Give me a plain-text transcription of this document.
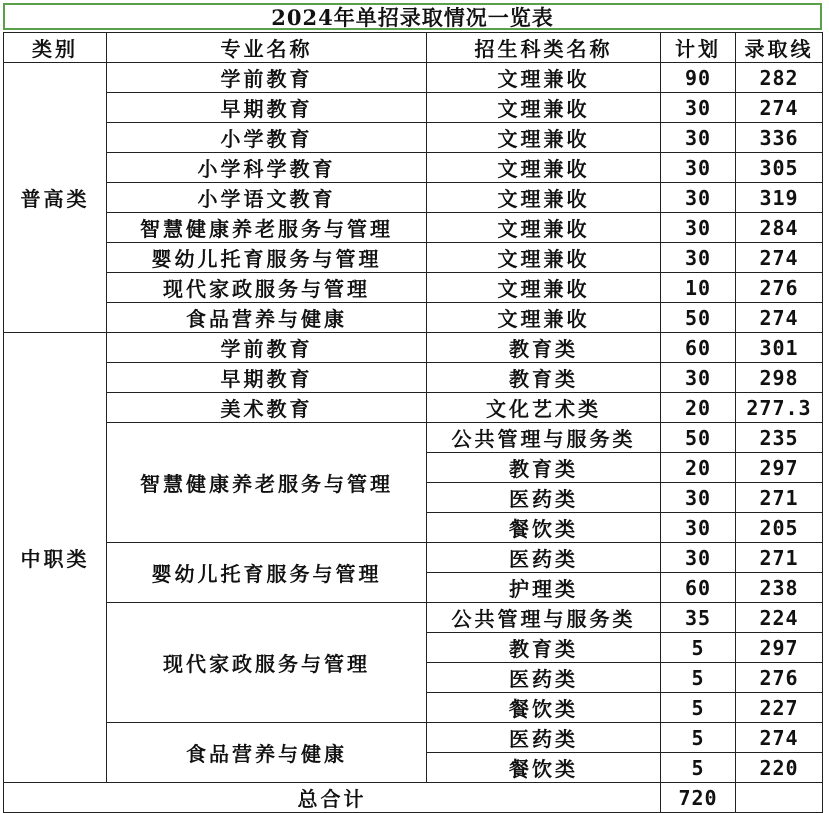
2024年单招录取情况一览表
类别	专业名称	招生科类名称	计划	录取线
普高类	学前教育	文理兼收	90	282
	早期教育	文理兼收	30	274
	小学教育	文理兼收	30	336
	小学科学教育	文理兼收	30	305
	小学语文教育	文理兼收	30	319
	智慧健康养老服务与管理	文理兼收	30	284
	婴幼儿托育服务与管理	文理兼收	30	274
	现代家政服务与管理	文理兼收	10	276
	食品营养与健康	文理兼收	50	274
中职类	学前教育	教育类	60	301
	早期教育	教育类	30	298
	美术教育	文化艺术类	20	277.3
	智慧健康养老服务与管理	公共管理与服务类	50	235
		教育类	20	297
		医药类	30	271
		餐饮类	30	205
	婴幼儿托育服务与管理	医药类	30	271
		护理类	60	238
	现代家政服务与管理	公共管理与服务类	35	224
		教育类	5	297
		医药类	5	276
		餐饮类	5	227
	食品营养与健康	医药类	5	274
		餐饮类	5	220
总合计			720	
